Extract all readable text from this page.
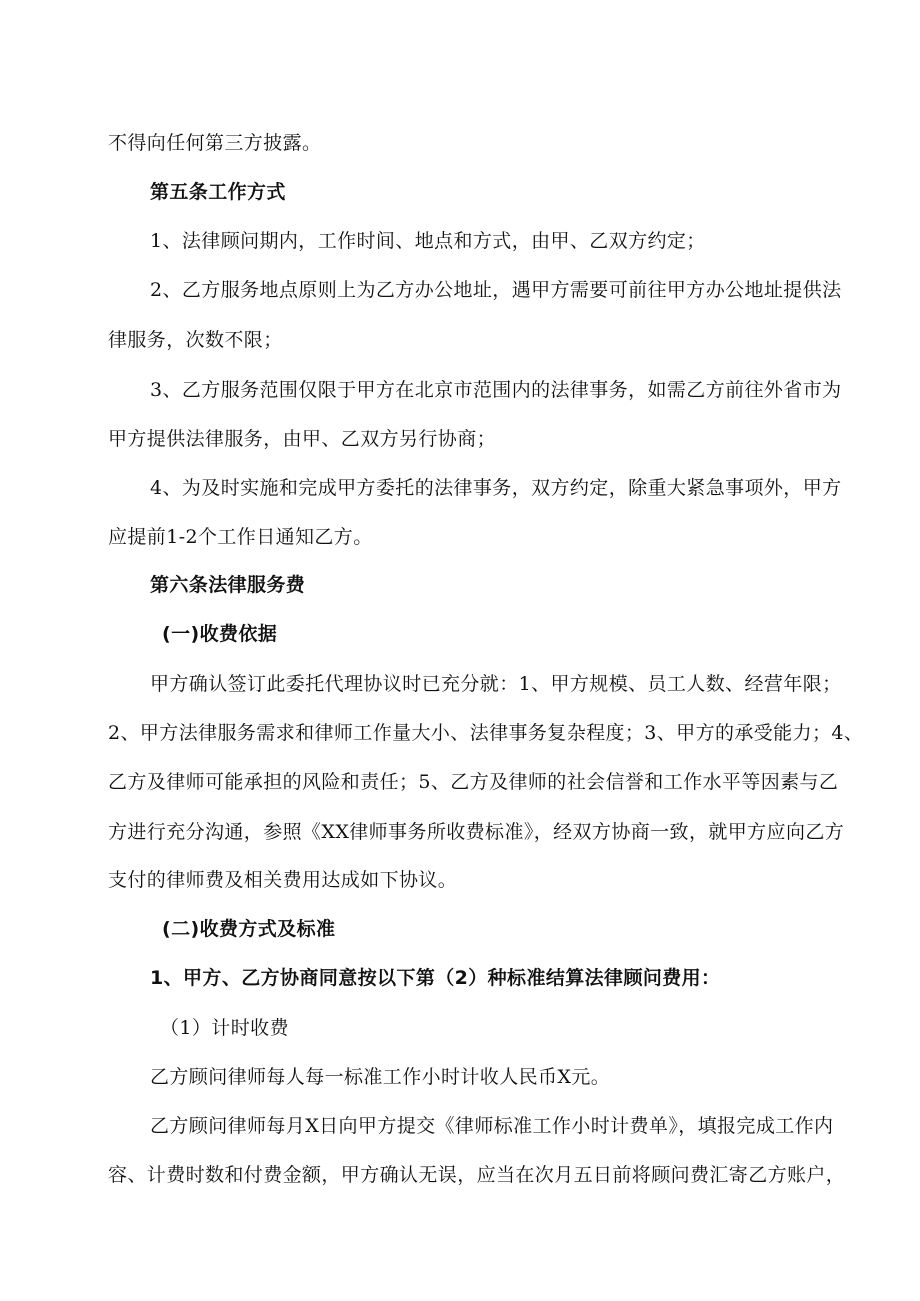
不得向任何第三方披露。
第五条工作方式
1、法律顾问期内，工作时间、地点和方式，由甲、乙双方约定；
2、乙方服务地点原则上为乙方办公地址，遇甲方需要可前往甲方办公地址提供法
律服务，次数不限；
3、乙方服务范围仅限于甲方在北京市范围内的法律事务，如需乙方前往外省市为
甲方提供法律服务，由甲、乙双方另行协商；
4、为及时实施和完成甲方委托的法律事务，双方约定，除重大紧急事项外，甲方
应提前1-2个工作日通知乙方。
第六条法律服务费
(一)收费依据
甲方确认签订此委托代理协议时已充分就：1、甲方规模、员工人数、经营年限；
2、甲方法律服务需求和律师工作量大小、法律事务复杂程度；3、甲方的承受能力；4、
乙方及律师可能承担的风险和责任；5、乙方及律师的社会信誉和工作水平等因素与乙
方进行充分沟通，参照《XX律师事务所收费标准》，经双方协商一致，就甲方应向乙方
支付的律师费及相关费用达成如下协议。
(二)收费方式及标准
1、甲方、乙方协商同意按以下第（2）种标准结算法律顾问费用：
（1）计时收费
乙方顾问律师每人每一标准工作小时计收人民币X元。
乙方顾问律师每月X日向甲方提交《律师标准工作小时计费单》，填报完成工作内
容、计费时数和付费金额，甲方确认无误，应当在次月五日前将顾问费汇寄乙方账户，
